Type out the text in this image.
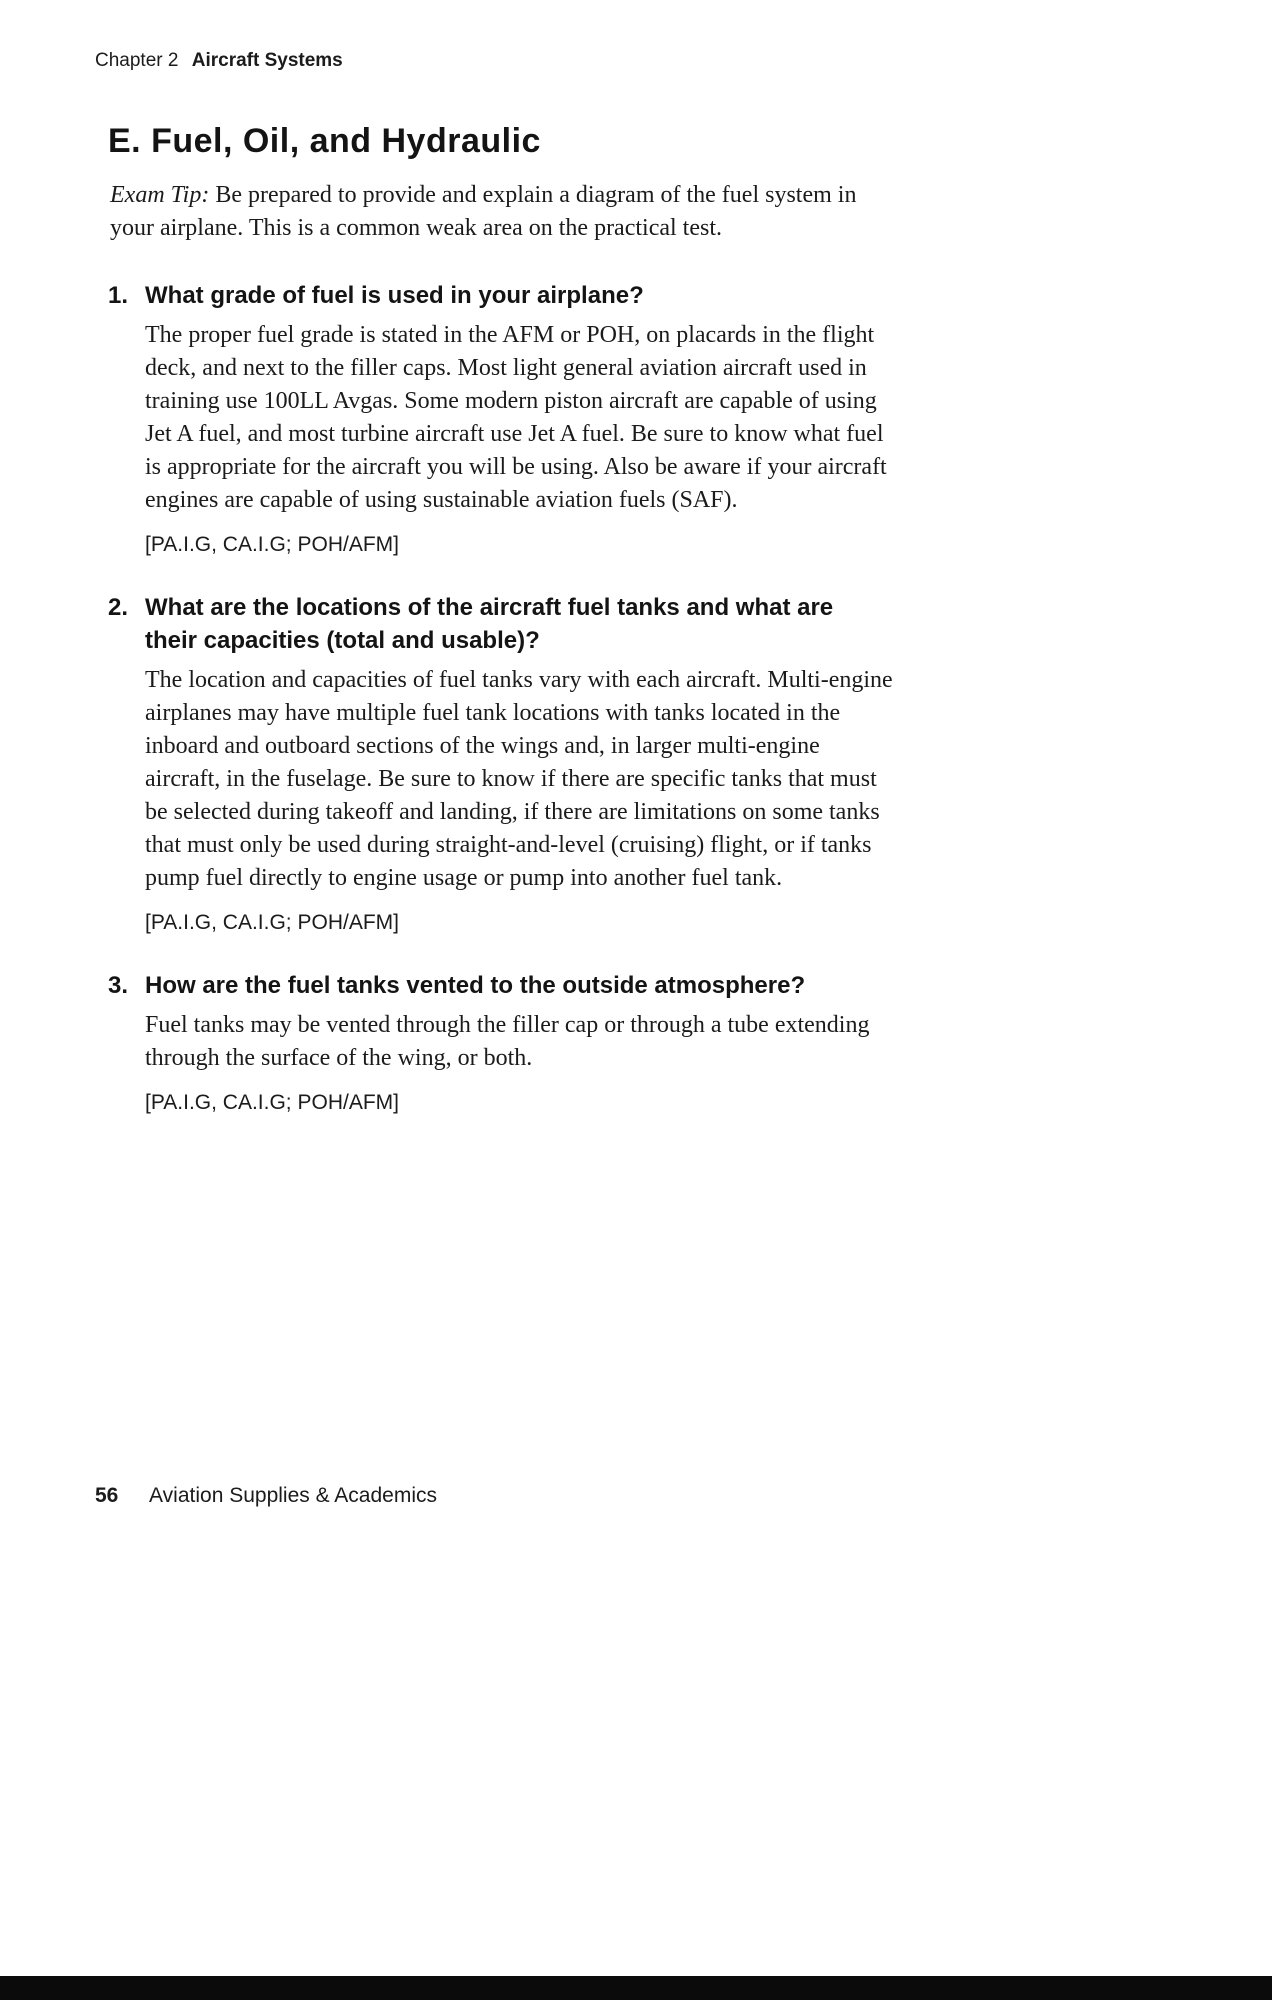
Chapter 2 Aircraft Systems
E. Fuel, Oil, and Hydraulic

Exam Tip: Be prepared to provide and explain a diagram of the fuel system in your airplane. This is a common weak area on the practical test.

1. What grade of fuel is used in your airplane?

The proper fuel grade is stated in the AFM or POH, on placards in the flight deck, and next to the filler caps. Most light general aviation aircraft used in training use 100LL Avgas. Some modern piston aircraft are capable of using Jet A fuel, and most turbine aircraft use Jet A fuel. Be sure to know what fuel is appropriate for the aircraft you will be using. Also be aware if your aircraft engines are capable of using sustainable aviation fuels (SAF).

[PA.I.G, CA.I.G; POH/AFM]

2. What are the locations of the aircraft fuel tanks and what are their capacities (total and usable)?

The location and capacities of fuel tanks vary with each aircraft. Multi-engine airplanes may have multiple fuel tank locations with tanks located in the inboard and outboard sections of the wings and, in larger multi-engine aircraft, in the fuselage. Be sure to know if there are specific tanks that must be selected during takeoff and landing, if there are limitations on some tanks that must only be used during straight-and-level (cruising) flight, or if tanks pump fuel directly to engine usage or pump into another fuel tank.

[PA.I.G, CA.I.G; POH/AFM]

3. How are the fuel tanks vented to the outside atmosphere?

Fuel tanks may be vented through the filler cap or through a tube extending through the surface of the wing, or both.

[PA.I.G, CA.I.G; POH/AFM]

56 Aviation Supplies & Academics
